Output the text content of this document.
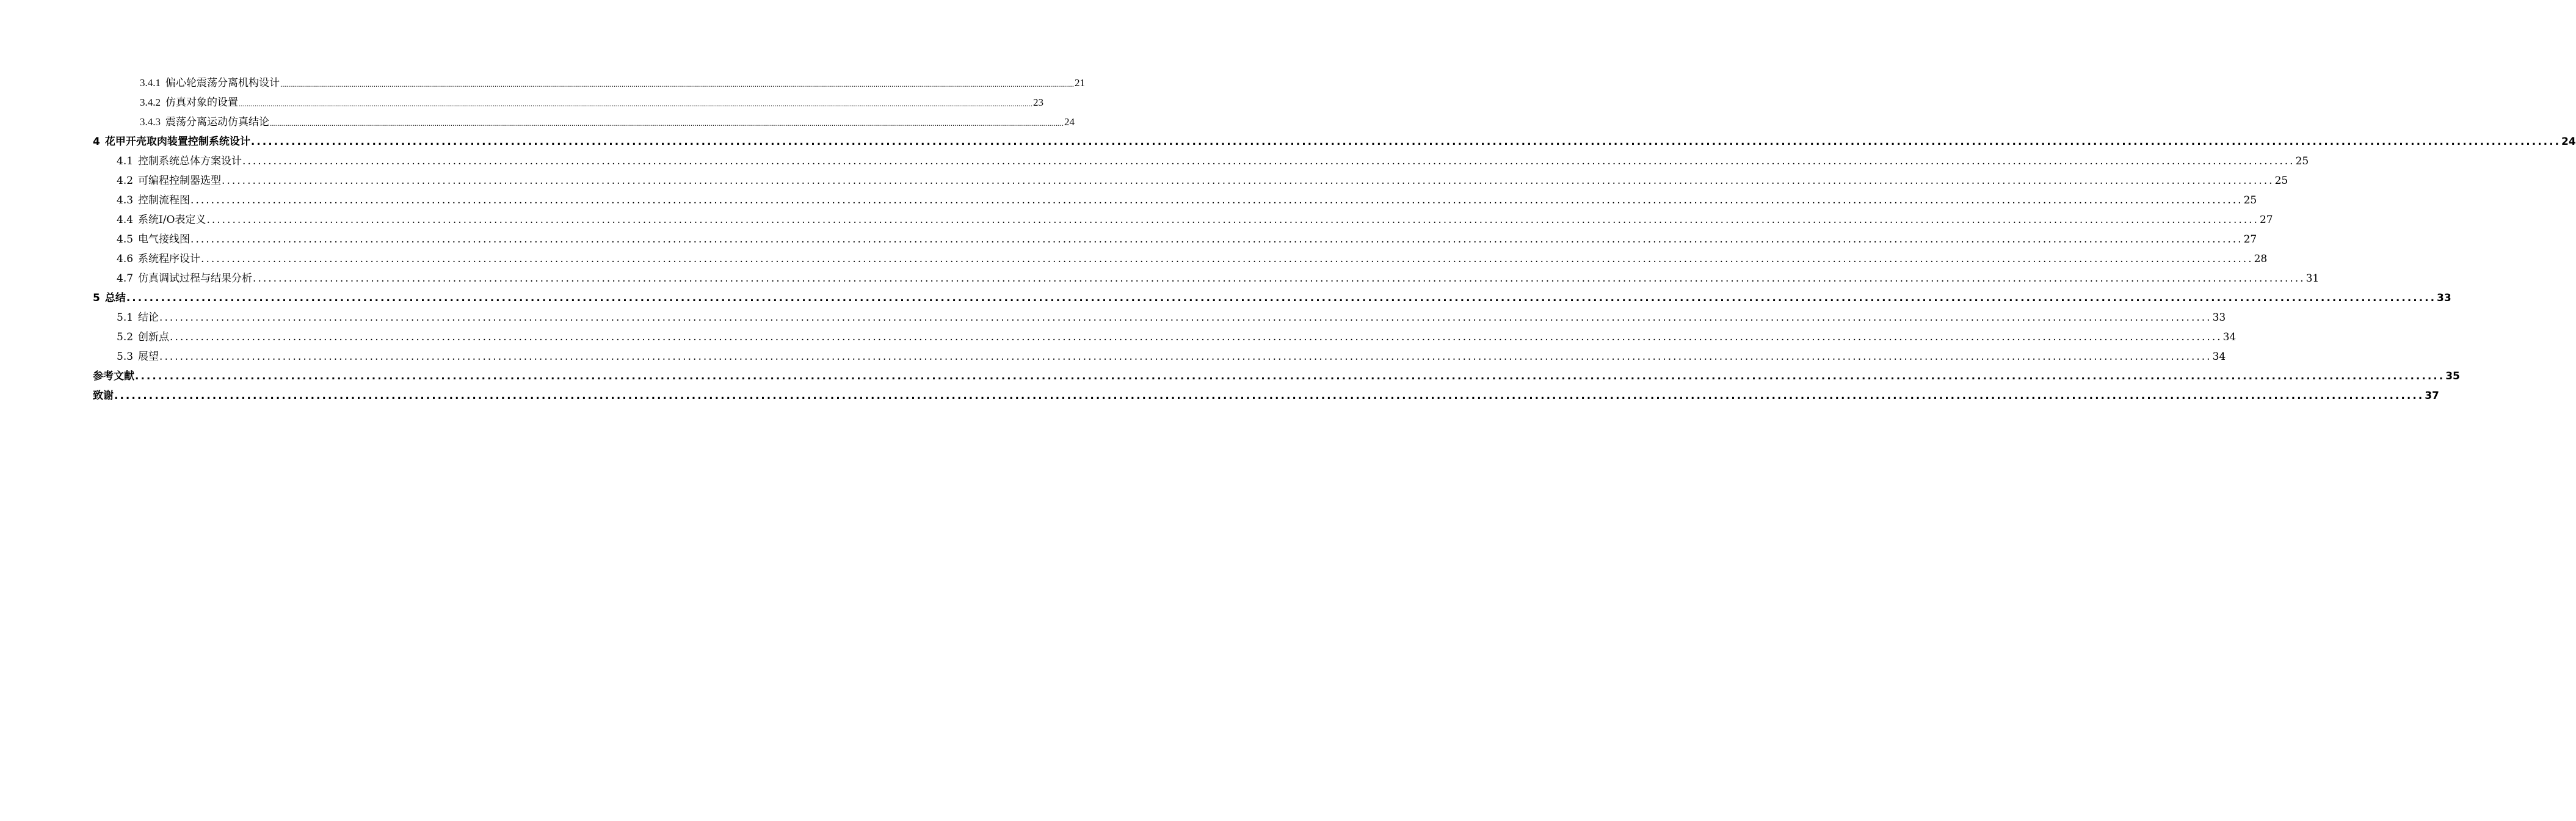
3.4.1 偏心轮震荡分离机构设计 ................................................................................................................................................................................................................................................................................................................................................................................................................ 21
3.4.2 仿真对象的设置 ................................................................................................................................................................................................................................................................................................................................................................................................................ 23
3.4.3 震荡分离运动仿真结论 ................................................................................................................................................................................................................................................................................................................................................................................................................ 24
4 花甲开壳取肉装置控制系统设计 ................................................................................................................................................................................................................................................................................................................................................................................................................ 24
4.1 控制系统总体方案设计 ................................................................................................................................................................................................................................................................................................................................................................................................................ 25
4.2 可编程控制器选型 ................................................................................................................................................................................................................................................................................................................................................................................................................ 25
4.3 控制流程图 ................................................................................................................................................................................................................................................................................................................................................................................................................ 25
4.4 系统I/O表定义 ................................................................................................................................................................................................................................................................................................................................................................................................................ 27
4.5 电气接线图 ................................................................................................................................................................................................................................................................................................................................................................................................................ 27
4.6 系统程序设计 ................................................................................................................................................................................................................................................................................................................................................................................................................ 28
4.7 仿真调试过程与结果分析 ................................................................................................................................................................................................................................................................................................................................................................................................................ 31
5 总结 ................................................................................................................................................................................................................................................................................................................................................................................................................ 33
5.1 结论 ................................................................................................................................................................................................................................................................................................................................................................................................................ 33
5.2 创新点 ................................................................................................................................................................................................................................................................................................................................................................................................................ 34
5.3 展望 ................................................................................................................................................................................................................................................................................................................................................................................................................ 34
参考文献 ................................................................................................................................................................................................................................................................................................................................................................................................................ 35
致谢 ................................................................................................................................................................................................................................................................................................................................................................................................................ 37
